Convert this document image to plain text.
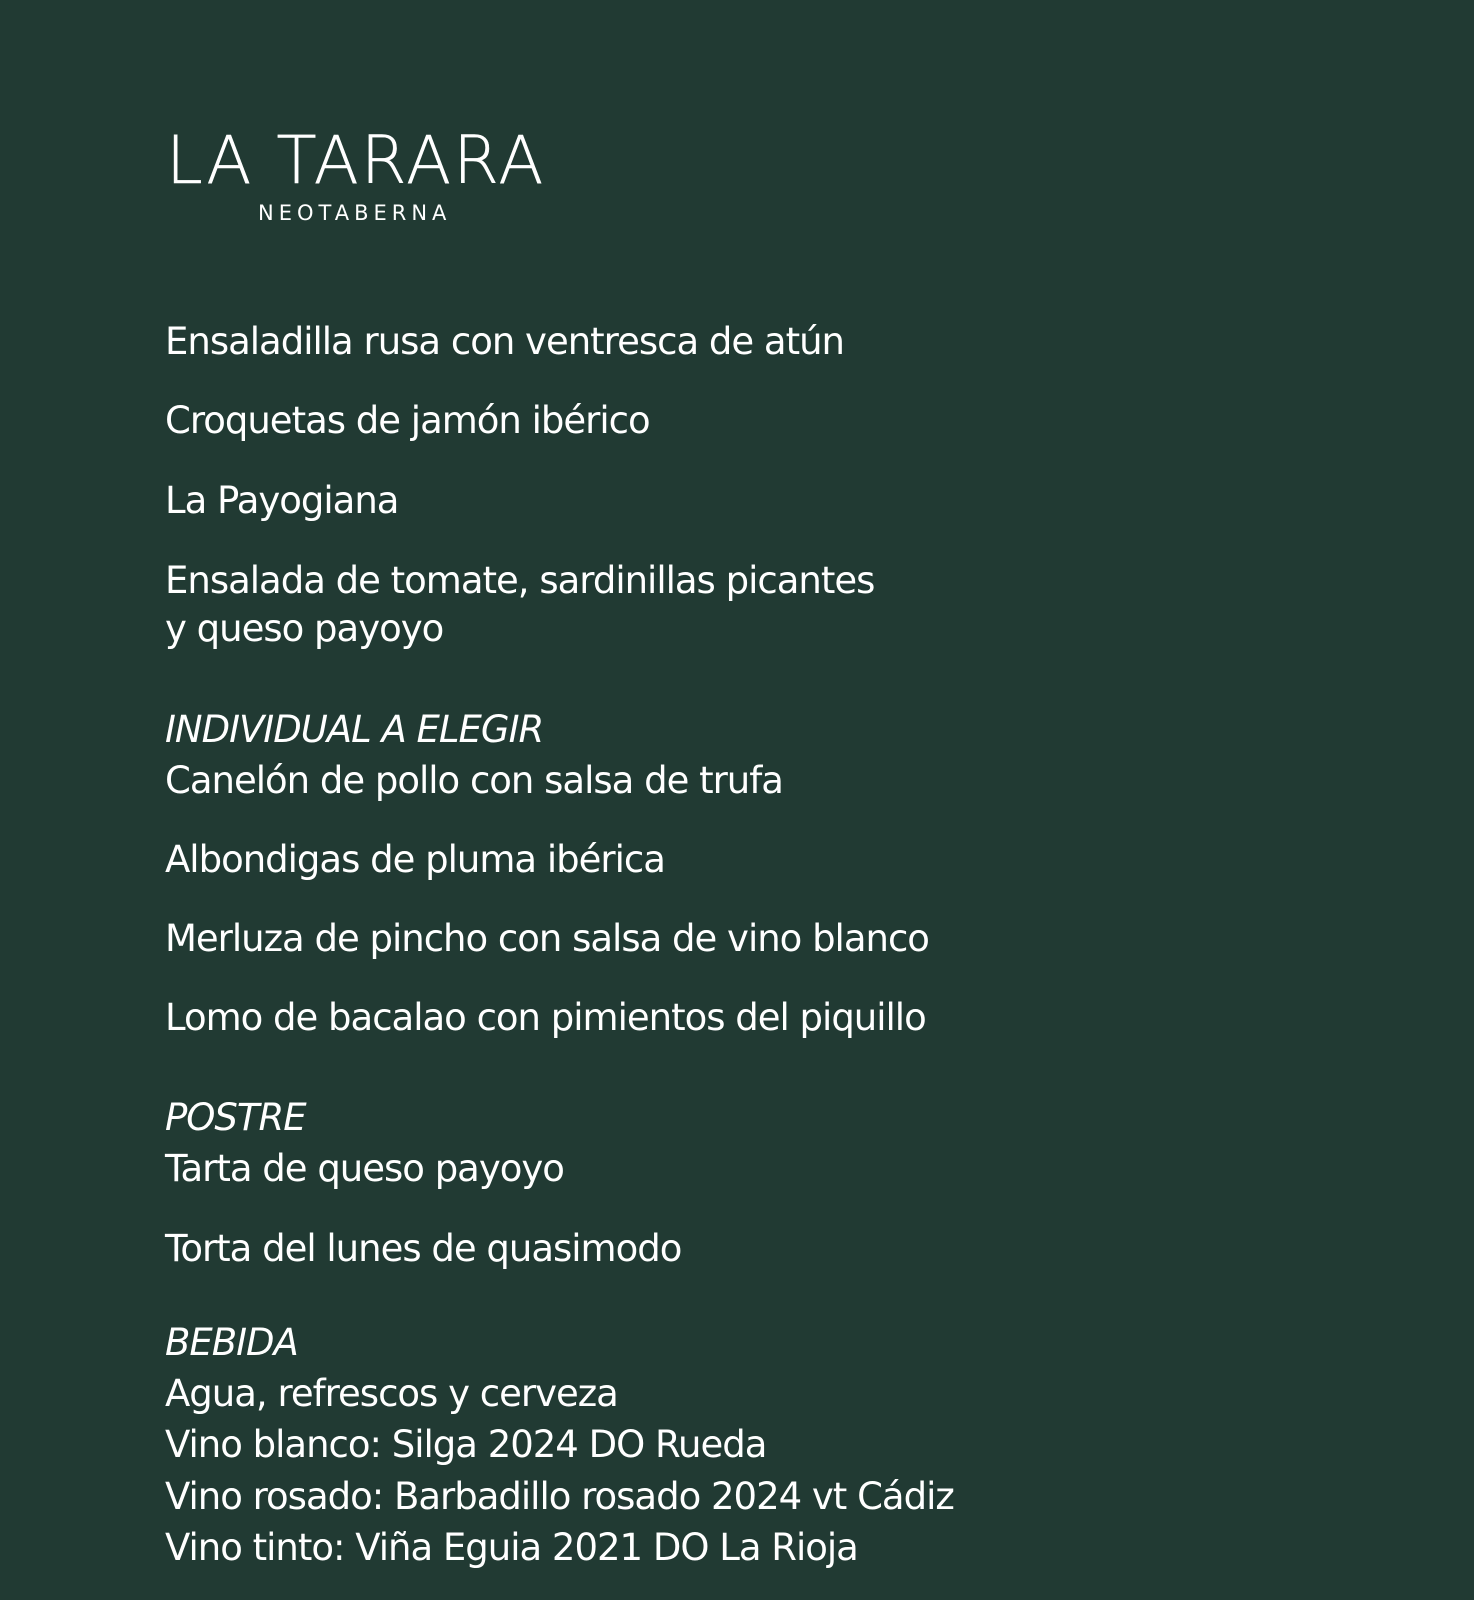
LA TARARA
NEOTABERNA
Ensaladilla rusa con ventresca de atún
Croquetas de jamón ibérico
La Payogiana
Ensalada de tomate, sardinillas picantes
y queso payoyo
INDIVIDUAL A ELEGIR
Canelón de pollo con salsa de trufa
Albondigas de pluma ibérica
Merluza de pincho con salsa de vino blanco
Lomo de bacalao con pimientos del piquillo
POSTRE
Tarta de queso payoyo
Torta del lunes de quasimodo
BEBIDA
Agua, refrescos y cerveza
Vino blanco: Silga 2024 DO Rueda
Vino rosado: Barbadillo rosado 2024 vt Cádiz
Vino tinto: Viña Eguia 2021 DO La Rioja
